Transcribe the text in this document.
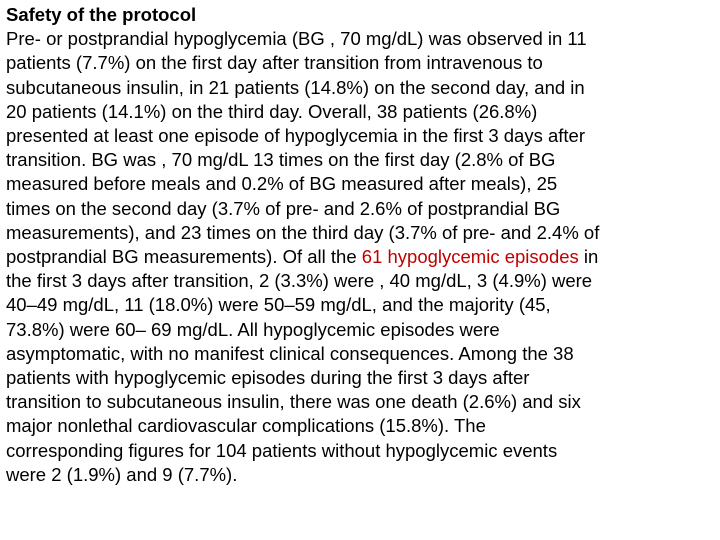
Safety of the protocol
Pre- or postprandial hypoglycemia (BG , 70 mg/dL) was observed in 11
patients (7.7%) on the first day after transition from intravenous to
subcutaneous insulin, in 21 patients (14.8%) on the second day, and in
20 patients (14.1%) on the third day. Overall, 38 patients (26.8%)
presented at least one episode of hypoglycemia in the first 3 days after
transition. BG was , 70 mg/dL 13 times on the first day (2.8% of BG
measured before meals and 0.2% of BG measured after meals), 25
times on the second day (3.7% of pre- and 2.6% of postprandial BG
measurements), and 23 times on the third day (3.7% of pre- and 2.4% of
postprandial BG measurements). Of all the 61 hypoglycemic episodes in
the first 3 days after transition, 2 (3.3%) were , 40 mg/dL, 3 (4.9%) were
40–49 mg/dL, 11 (18.0%) were 50–59 mg/dL, and the majority (45,
73.8%) were 60– 69 mg/dL. All hypoglycemic episodes were
asymptomatic, with no manifest clinical consequences. Among the 38
patients with hypoglycemic episodes during the first 3 days after
transition to subcutaneous insulin, there was one death (2.6%) and six
major nonlethal cardiovascular complications (15.8%). The
corresponding figures for 104 patients without hypoglycemic events
were 2 (1.9%) and 9 (7.7%).
